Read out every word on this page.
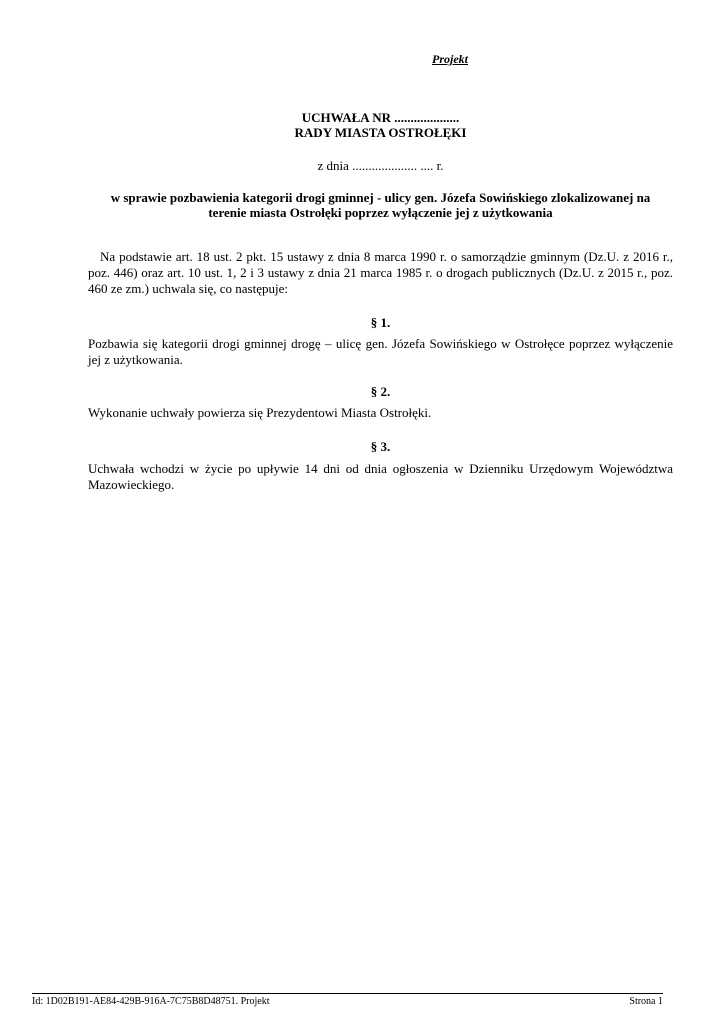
Projekt
UCHWAŁA NR ....................
RADY MIASTA OSTROŁĘKI
z dnia .................... .... r.
w sprawie pozbawienia kategorii drogi gminnej - ulicy gen. Józefa Sowińskiego zlokalizowanej na
terenie miasta Ostrołęki poprzez wyłączenie jej z użytkowania
Na podstawie art. 18 ust. 2 pkt. 15 ustawy z dnia 8 marca 1990 r. o samorządzie gminnym (Dz.U. z 2016 r., poz. 446) oraz art. 10 ust. 1, 2 i 3 ustawy z dnia 21 marca 1985 r. o drogach publicznych (Dz.U. z 2015 r., poz. 460 ze zm.) uchwala się, co następuje:
§ 1.
Pozbawia się kategorii drogi gminnej drogę – ulicę gen. Józefa Sowińskiego w Ostrołęce poprzez wyłączenie jej z użytkowania.
§ 2.
Wykonanie uchwały powierza się Prezydentowi Miasta Ostrołęki.
§ 3.
Uchwała wchodzi w życie po upływie 14 dni od dnia ogłoszenia w Dzienniku Urzędowym Województwa Mazowieckiego.
Id: 1D02B191-AE84-429B-916A-7C75B8D48751. Projekt	Strona 1
